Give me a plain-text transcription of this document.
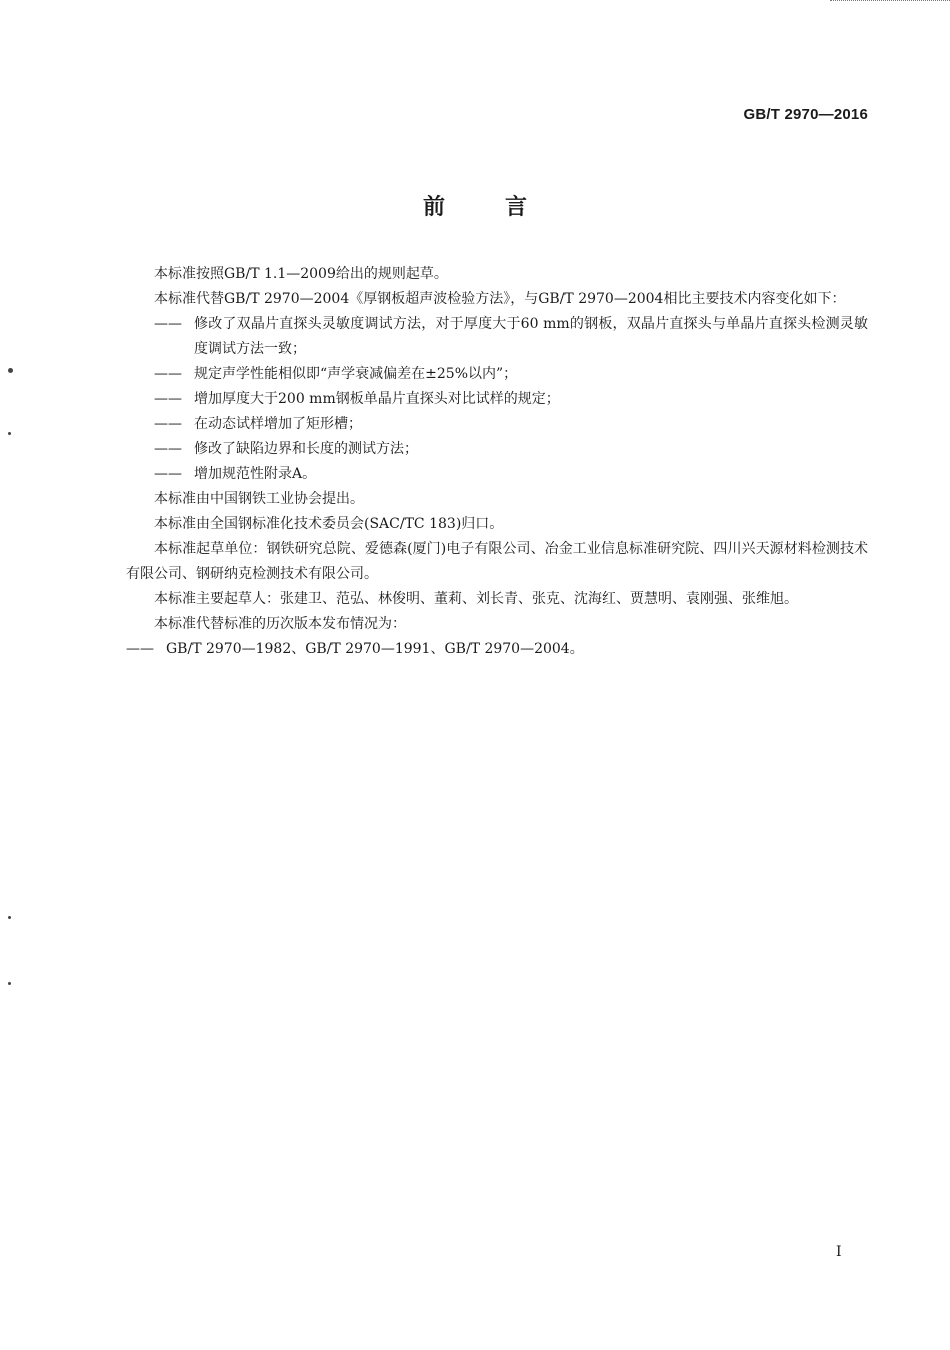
GB/T 2970—2016
前	言

本标准按照GB/T 1.1—2009给出的规则起草。

本标准代替GB/T 2970—2004《厚钢板超声波检验方法》，与GB/T 2970—2004相比主要技术内容变化如下：

—— 修改了双晶片直探头灵敏度调试方法，对于厚度大于60 mm的钢板，双晶片直探头与单晶片直探头检测灵敏度调试方法一致；

—— 规定声学性能相似即“声学衰减偏差在±25%以内”；

—— 增加厚度大于200 mm钢板单晶片直探头对比试样的规定；

—— 在动态试样增加了矩形槽；

—— 修改了缺陷边界和长度的测试方法；

—— 增加规范性附录A。

本标准由中国钢铁工业协会提出。

本标准由全国钢标准化技术委员会(SAC/TC 183)归口。

本标准起草单位：钢铁研究总院、爱德森(厦门)电子有限公司、冶金工业信息标准研究院、四川兴天源材料检测技术有限公司、钢研纳克检测技术有限公司。

本标准主要起草人：张建卫、范弘、林俊明、董莉、刘长青、张克、沈海红、贾慧明、袁刚强、张维旭。

本标准代替标准的历次版本发布情况为：

—— GB/T 2970—1982、GB/T 2970—1991、GB/T 2970—2004。

I
